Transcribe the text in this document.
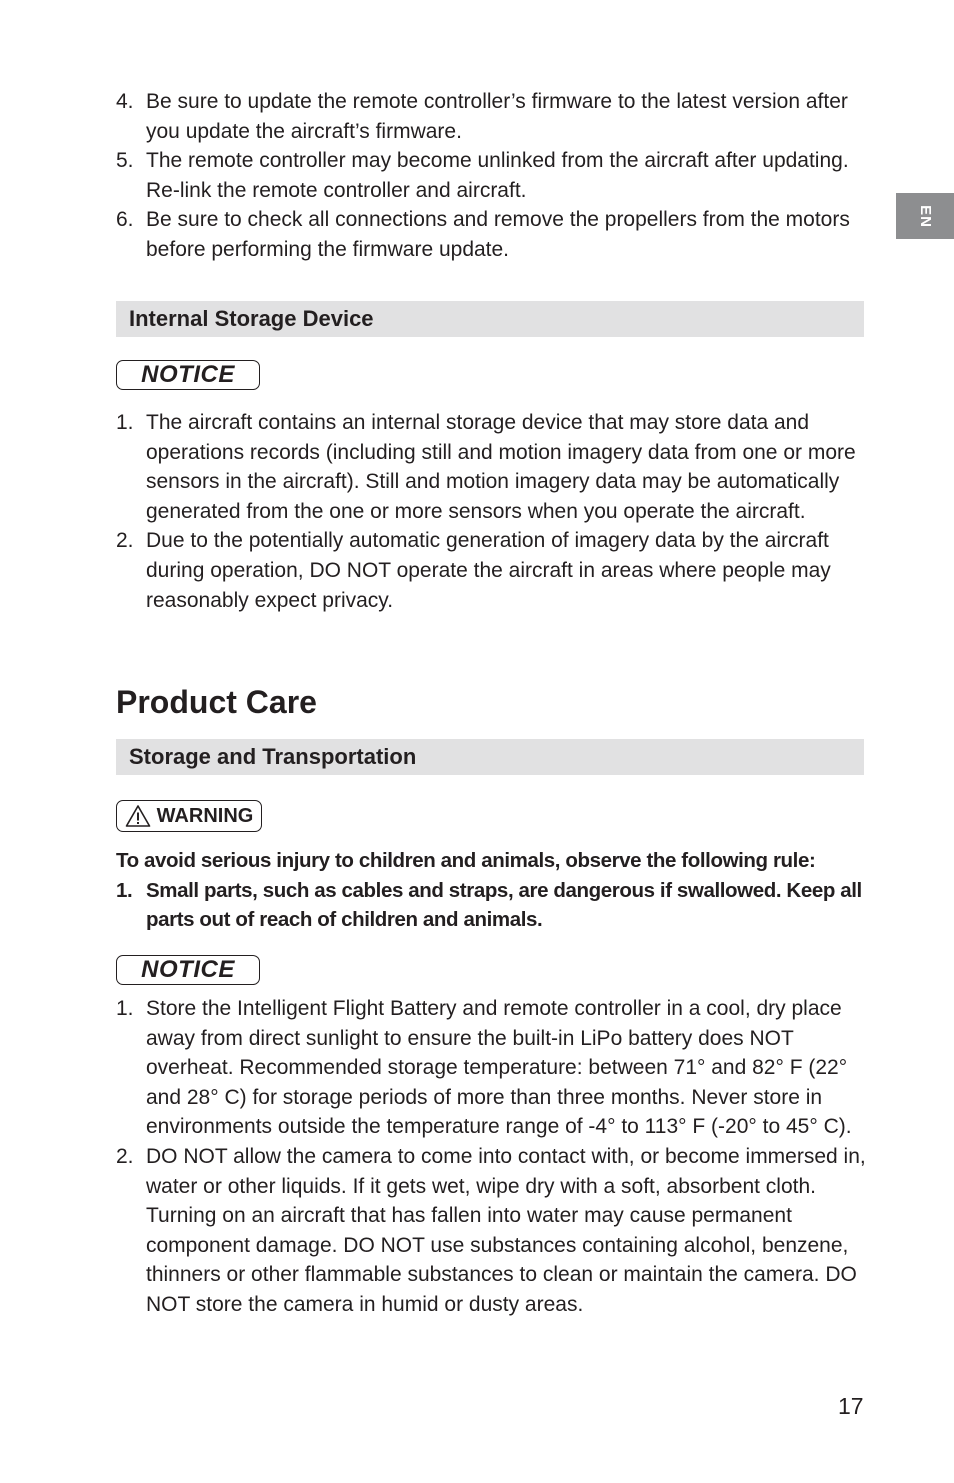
4. Be sure to update the remote controller’s firmware to the latest version after you update the aircraft’s firmware.
5. The remote controller may become unlinked from the aircraft after updating. Re-link the remote controller and aircraft.
6. Be sure to check all connections and remove the propellers from the motors before performing the firmware update.
EN
Internal Storage Device
NOTICE
1. The aircraft contains an internal storage device that may store data and operations records (including still and motion imagery data from one or more sensors in the aircraft). Still and motion imagery data may be automatically generated from the one or more sensors when you operate the aircraft.
2. Due to the potentially automatic generation of imagery data by the aircraft during operation, DO NOT operate the aircraft in areas where people may reasonably expect privacy.
Product Care
Storage and Transportation
WARNING
To avoid serious injury to children and animals, observe the following rule:
1. Small parts, such as cables and straps, are dangerous if swallowed. Keep all parts out of reach of children and animals.
NOTICE
1. Store the Intelligent Flight Battery and remote controller in a cool, dry place away from direct sunlight to ensure the built-in LiPo battery does NOT overheat. Recommended storage temperature: between 71° and 82° F (22° and 28° C) for storage periods of more than three months. Never store in environments outside the temperature range of -4° to 113° F (-20° to 45° C).
2. DO NOT allow the camera to come into contact with, or become immersed in, water or other liquids. If it gets wet, wipe dry with a soft, absorbent cloth. Turning on an aircraft that has fallen into water may cause permanent component damage. DO NOT use substances containing alcohol, benzene, thinners or other flammable substances to clean or maintain the camera. DO NOT store the camera in humid or dusty areas.
17
